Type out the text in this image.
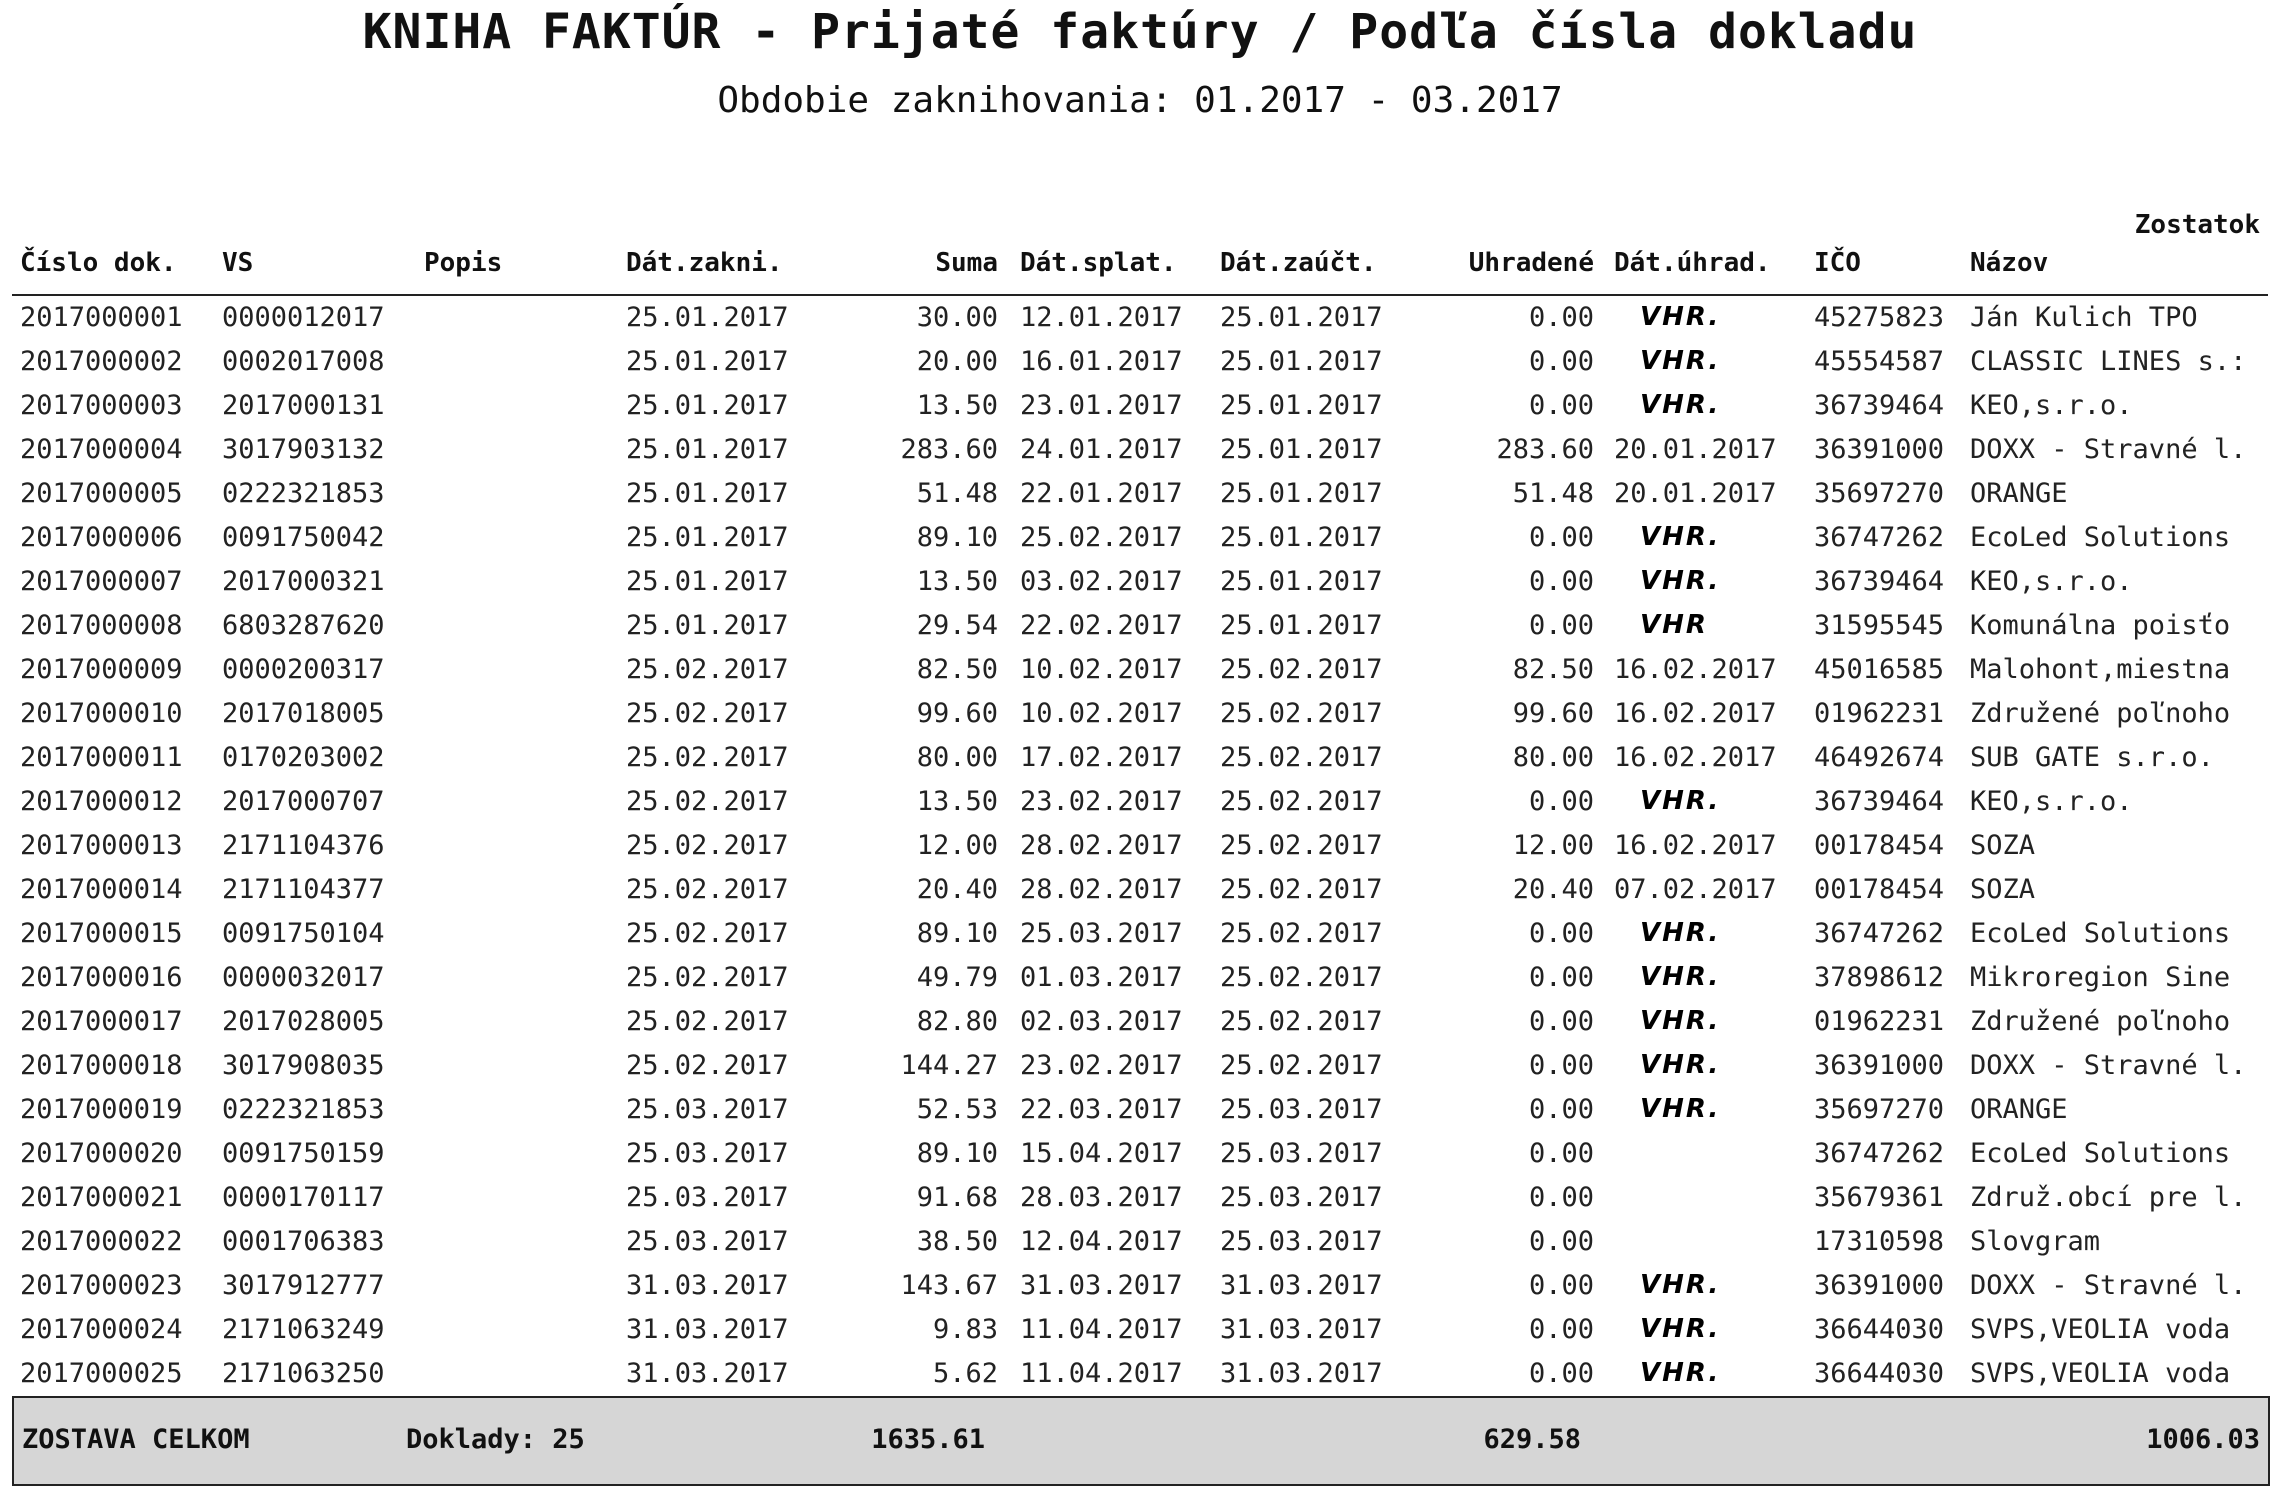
KNIHA FAKTÚR - Prijaté faktúry / Podľa čísla dokladu
Obdobie zaknihovania: 01.2017 - 03.2017
Zostatok
Číslo dok. VS	Popis	Dát.zakni.	Suma Dát.splat. Dát.zaúčt.	Uhradené Dát.úhrad. IČO	Názov
2017000001 0000012017	25.01.2017	30.00 12.01.2017 25.01.2017	0.00 VHR.	45275823 Ján Kulich TPO
2017000002 0002017008	25.01.2017	20.00 16.01.2017 25.01.2017	0.00 VHR.	45554587 CLASSIC LINES s.:
2017000003 2017000131	25.01.2017	13.50 23.01.2017 25.01.2017	0.00 VHR.	36739464 KEO,s.r.o.
2017000004 3017903132	25.01.2017	283.60 24.01.2017 25.01.2017	283.60 20.01.2017 36391000 DOXX - Stravné l.
2017000005 0222321853	25.01.2017	51.48 22.01.2017 25.01.2017	51.48 20.01.2017 35697270 ORANGE
2017000006 0091750042	25.01.2017	89.10 25.02.2017 25.01.2017	0.00 VHR.	36747262 EcoLed Solutions
2017000007 2017000321	25.01.2017	13.50 03.02.2017 25.01.2017	0.00 VHR.	36739464 KEO,s.r.o.
2017000008 6803287620	25.01.2017	29.54 22.02.2017 25.01.2017	0.00 VHR	31595545 Komunálna poisťo
2017000009 0000200317	25.02.2017	82.50 10.02.2017 25.02.2017	82.50 16.02.2017 45016585 Malohont,miestna
2017000010 2017018005	25.02.2017	99.60 10.02.2017 25.02.2017	99.60 16.02.2017 01962231 Združené poľnoho
2017000011 0170203002	25.02.2017	80.00 17.02.2017 25.02.2017	80.00 16.02.2017 46492674 SUB GATE s.r.o.
2017000012 2017000707	25.02.2017	13.50 23.02.2017 25.02.2017	0.00 VHR.	36739464 KEO,s.r.o.
2017000013 2171104376	25.02.2017	12.00 28.02.2017 25.02.2017	12.00 16.02.2017 00178454 SOZA
2017000014 2171104377	25.02.2017	20.40 28.02.2017 25.02.2017	20.40 07.02.2017 00178454 SOZA
2017000015 0091750104	25.02.2017	89.10 25.03.2017 25.02.2017	0.00 VHR.	36747262 EcoLed Solutions
2017000016 0000032017	25.02.2017	49.79 01.03.2017 25.02.2017	0.00 VHR.	37898612 Mikroregion Sine
2017000017 2017028005	25.02.2017	82.80 02.03.2017 25.02.2017	0.00 VHR.	01962231 Združené poľnoho
2017000018 3017908035	25.02.2017	144.27 23.02.2017 25.02.2017	0.00 VHR.	36391000 DOXX - Stravné l.
2017000019 0222321853	25.03.2017	52.53 22.03.2017 25.03.2017	0.00 VHR.	35697270 ORANGE
2017000020 0091750159	25.03.2017	89.10 15.04.2017 25.03.2017	0.00	36747262 EcoLed Solutions
2017000021 0000170117	25.03.2017	91.68 28.03.2017 25.03.2017	0.00	35679361 Združ.obcí pre l.
2017000022 0001706383	25.03.2017	38.50 12.04.2017 25.03.2017	0.00	17310598 Slovgram
2017000023 3017912777	31.03.2017	143.67 31.03.2017 31.03.2017	0.00 VHR.	36391000 DOXX - Stravné l.
2017000024 2171063249	31.03.2017	9.83 11.04.2017 31.03.2017	0.00 VHR.	36644030 SVPS,VEOLIA voda
2017000025 2171063250	31.03.2017	5.62 11.04.2017 31.03.2017	0.00 VHR.	36644030 SVPS,VEOLIA voda
ZOSTAVA CELKOM	Doklady: 25	1635.61	629.58	1006.03
